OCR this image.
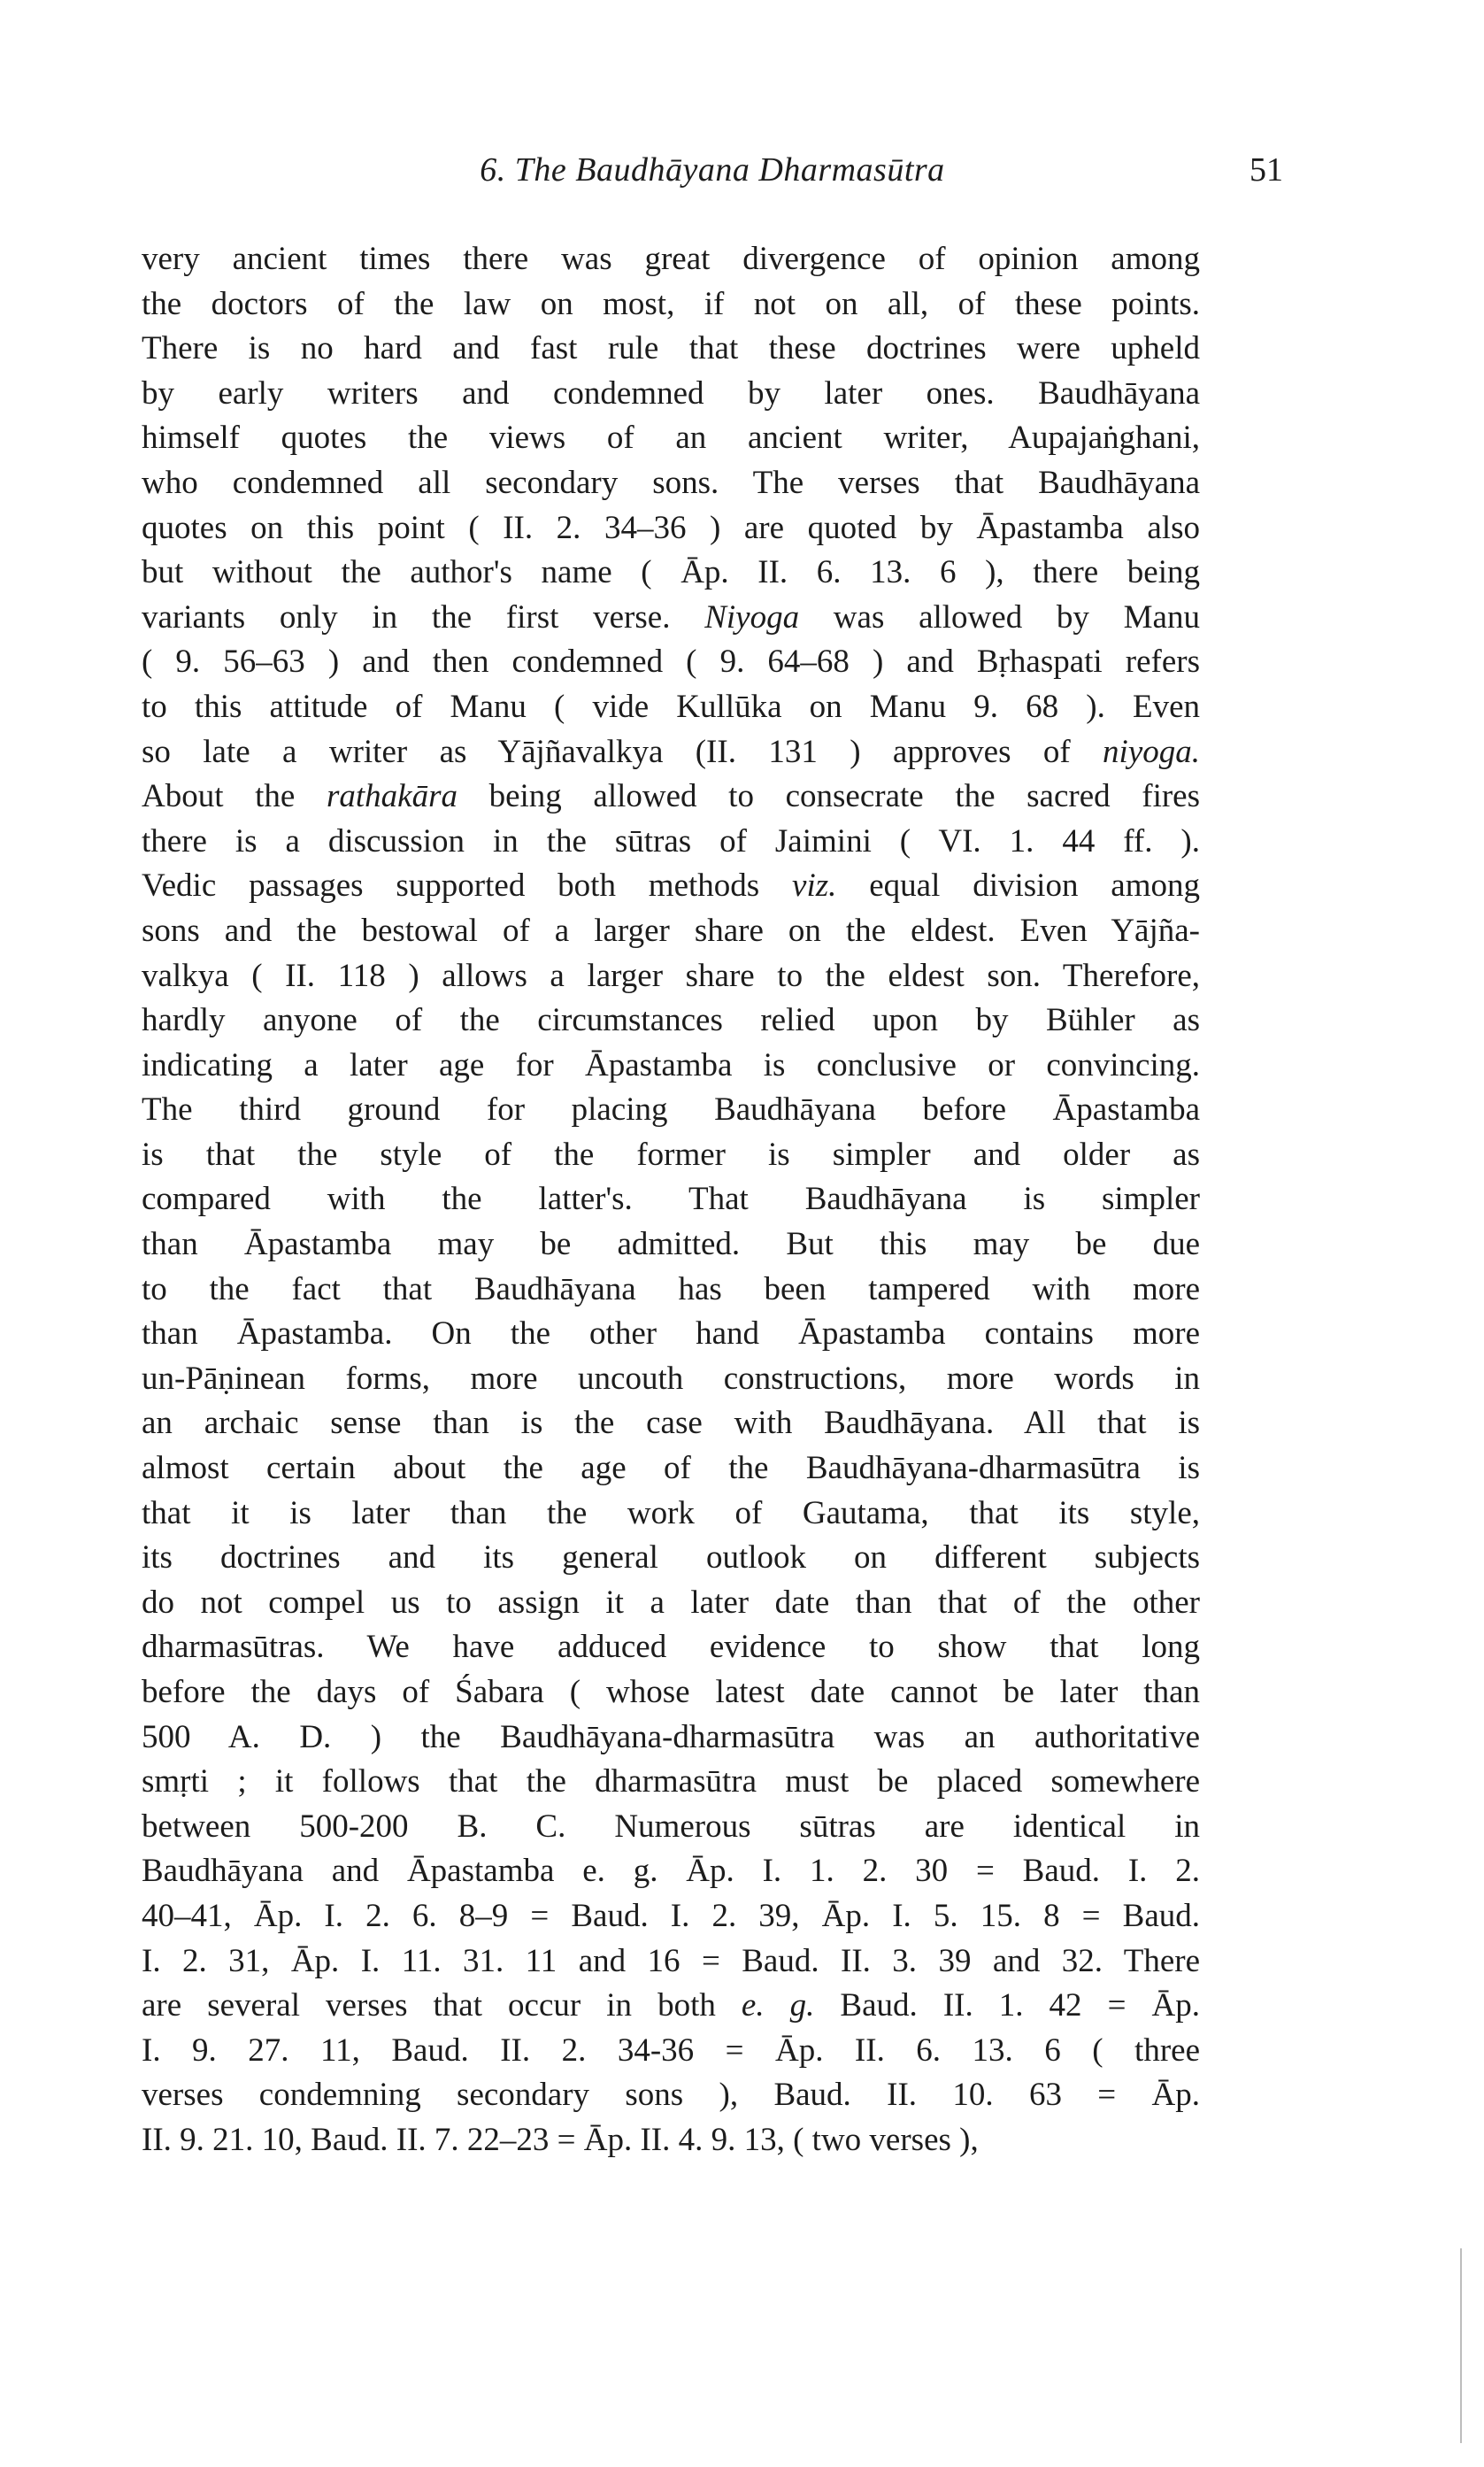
6. The Baudhāyana Dharmasūtra	51
very ancient times there was great divergence of opinion among
the doctors of the law on most, if not on all, of these points.
There is no hard and fast rule that these doctrines were upheld
by early writers and condemned by later ones. Baudhāyana
himself quotes the views of an ancient writer, Aupajaṅghani,
who condemned all secondary sons. The verses that Baudhāyana
quotes on this point ( II. 2. 34–36 ) are quoted by Āpastamba also
but without the author's name ( Āp. II. 6. 13. 6 ), there being
variants only in the first verse. Niyoga was allowed by Manu
( 9. 56–63 ) and then condemned ( 9. 64–68 ) and Bṛhaspati refers
to this attitude of Manu ( vide Kullūka on Manu 9. 68 ). Even
so late a writer as Yājñavalkya (II. 131 ) approves of niyoga.
About the rathakāra being allowed to consecrate the sacred fires
there is a discussion in the sūtras of Jaimini ( VI. 1. 44 ff. ).
Vedic passages supported both methods viz. equal division among
sons and the bestowal of a larger share on the eldest. Even Yājña-
valkya ( II. 118 ) allows a larger share to the eldest son. Therefore,
hardly anyone of the circumstances relied upon by Bühler as
indicating a later age for Āpastamba is conclusive or convincing.
The third ground for placing Baudhāyana before Āpastamba
is that the style of the former is simpler and older as
compared with the latter's. That Baudhāyana is simpler
than Āpastamba may be admitted. But this may be due
to the fact that Baudhāyana has been tampered with more
than Āpastamba. On the other hand Āpastamba contains more
un-Pāṇinean forms, more uncouth constructions, more words in
an archaic sense than is the case with Baudhāyana. All that is
almost certain about the age of the Baudhāyana-dharmasūtra is
that it is later than the work of Gautama, that its style,
its doctrines and its general outlook on different subjects
do not compel us to assign it a later date than that of the other
dharmasūtras. We have adduced evidence to show that long
before the days of Śabara ( whose latest date cannot be later than
500 A. D. ) the Baudhāyana-dharmasūtra was an authoritative
smṛti ; it follows that the dharmasūtra must be placed somewhere
between 500-200 B. C. Numerous sūtras are identical in
Baudhāyana and Āpastamba e. g. Āp. I. 1. 2. 30 = Baud. I. 2.
40–41, Āp. I. 2. 6. 8–9 = Baud. I. 2. 39, Āp. I. 5. 15. 8 = Baud.
I. 2. 31, Āp. I. 11. 31. 11 and 16 = Baud. II. 3. 39 and 32. There
are several verses that occur in both e. g. Baud. II. 1. 42 = Āp.
I. 9. 27. 11, Baud. II. 2. 34-36 = Āp. II. 6. 13. 6 ( three
verses condemning secondary sons ), Baud. II. 10. 63 = Āp.
II. 9. 21. 10, Baud. II. 7. 22–23 = Āp. II. 4. 9. 13, ( two verses ),
